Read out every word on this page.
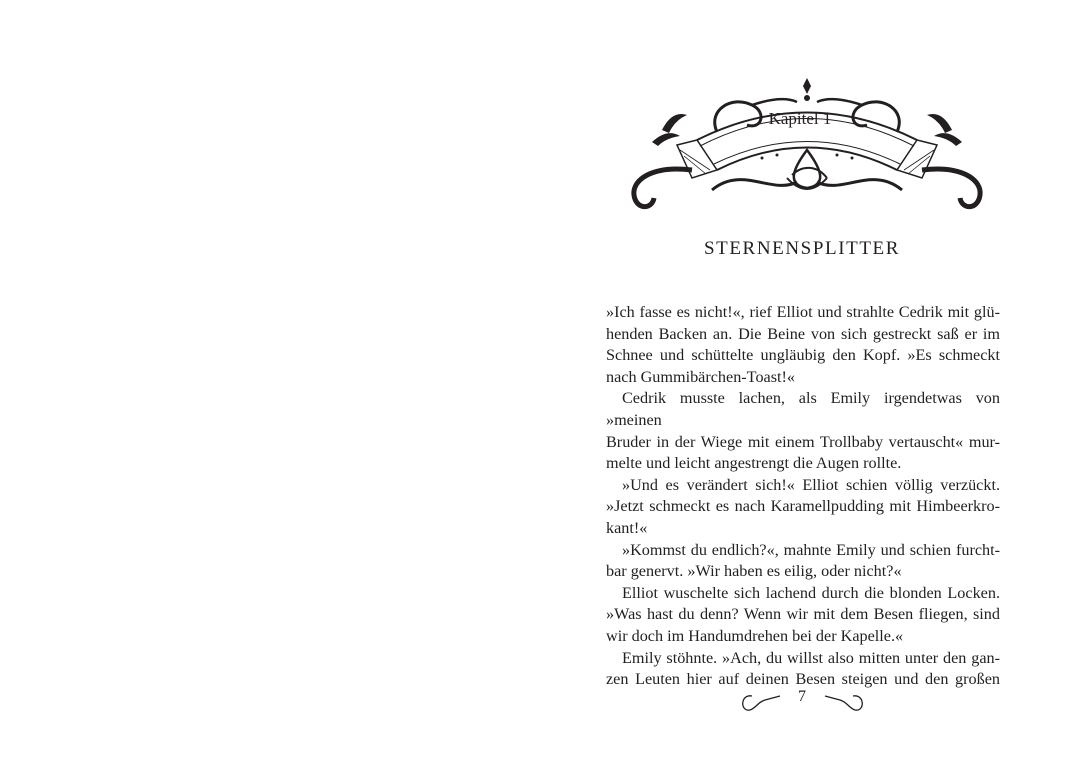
Kapitel 1
STERNENSPLITTER
»Ich fasse es nicht!«, rief Elliot und strahlte Cedrik mit glü-
henden Backen an. Die Beine von sich gestreckt saß er im
Schnee und schüttelte ungläubig den Kopf. »Es schmeckt
nach Gummibärchen-Toast!«
Cedrik musste lachen, als Emily irgendetwas von »meinen
Bruder in der Wiege mit einem Trollbaby vertauscht« mur-
melte und leicht angestrengt die Augen rollte.
»Und es verändert sich!« Elliot schien völlig verzückt.
»Jetzt schmeckt es nach Karamellpudding mit Himbeerkro-
kant!«
»Kommst du endlich?«, mahnte Emily und schien furcht-
bar genervt. »Wir haben es eilig, oder nicht?«
Elliot wuschelte sich lachend durch die blonden Locken.
»Was hast du denn? Wenn wir mit dem Besen fliegen, sind
wir doch im Handumdrehen bei der Kapelle.«
Emily stöhnte. »Ach, du willst also mitten unter den gan-
zen Leuten hier auf deinen Besen steigen und den großen
7
